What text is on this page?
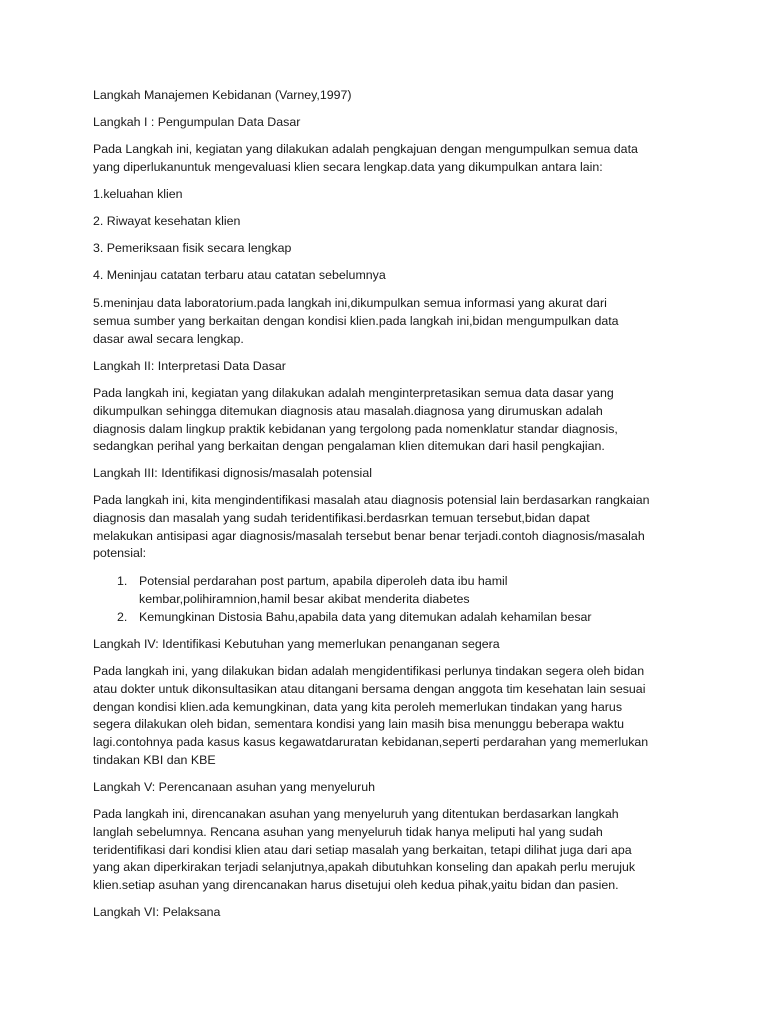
Langkah Manajemen Kebidanan (Varney,1997)

Langkah I : Pengumpulan Data Dasar

Pada Langkah ini, kegiatan yang dilakukan adalah pengkajuan dengan mengumpulkan semua data
yang diperlukanuntuk mengevaluasi klien secara lengkap.data yang dikumpulkan antara lain:

1.keluahan klien

2. Riwayat kesehatan klien

3. Pemeriksaan fisik secara lengkap

4. Meninjau catatan terbaru atau catatan sebelumnya

5.meninjau data laboratorium.pada langkah ini,dikumpulkan semua informasi yang akurat dari
semua sumber yang berkaitan dengan kondisi klien.pada langkah ini,bidan mengumpulkan data
dasar awal secara lengkap.

Langkah II: Interpretasi Data Dasar

Pada langkah ini, kegiatan yang dilakukan adalah menginterpretasikan semua data dasar yang
dikumpulkan sehingga ditemukan diagnosis atau masalah.diagnosa yang dirumuskan adalah
diagnosis dalam lingkup praktik kebidanan yang tergolong pada nomenklatur standar diagnosis,
sedangkan perihal yang berkaitan dengan pengalaman klien ditemukan dari hasil pengkajian.

Langkah III: Identifikasi dignosis/masalah potensial

Pada langkah ini, kita mengindentifikasi masalah atau diagnosis potensial lain berdasarkan rangkaian
diagnosis dan masalah yang sudah teridentifikasi.berdasrkan temuan tersebut,bidan dapat
melakukan antisipasi agar diagnosis/masalah tersebut benar benar terjadi.contoh diagnosis/masalah
potensial:

1. Potensial perdarahan post partum, apabila diperoleh data ibu hamil
kembar,polihiramnion,hamil besar akibat menderita diabetes
2. Kemungkinan Distosia Bahu,apabila data yang ditemukan adalah kehamilan besar

Langkah IV: Identifikasi Kebutuhan yang memerlukan penanganan segera

Pada langkah ini, yang dilakukan bidan adalah mengidentifikasi perlunya tindakan segera oleh bidan
atau dokter untuk dikonsultasikan atau ditangani bersama dengan anggota tim kesehatan lain sesuai
dengan kondisi klien.ada kemungkinan, data yang kita peroleh memerlukan tindakan yang harus
segera dilakukan oleh bidan, sementara kondisi yang lain masih bisa menunggu beberapa waktu
lagi.contohnya pada kasus kasus kegawatdaruratan kebidanan,seperti perdarahan yang memerlukan
tindakan KBI dan KBE

Langkah V: Perencanaan asuhan yang menyeluruh

Pada langkah ini, direncanakan asuhan yang menyeluruh yang ditentukan berdasarkan langkah
langlah sebelumnya. Rencana asuhan yang menyeluruh tidak hanya meliputi hal yang sudah
teridentifikasi dari kondisi klien atau dari setiap masalah yang berkaitan, tetapi dilihat juga dari apa
yang akan diperkirakan terjadi selanjutnya,apakah dibutuhkan konseling dan apakah perlu merujuk
klien.setiap asuhan yang direncanakan harus disetujui oleh kedua pihak,yaitu bidan dan pasien.

Langkah VI: Pelaksana
